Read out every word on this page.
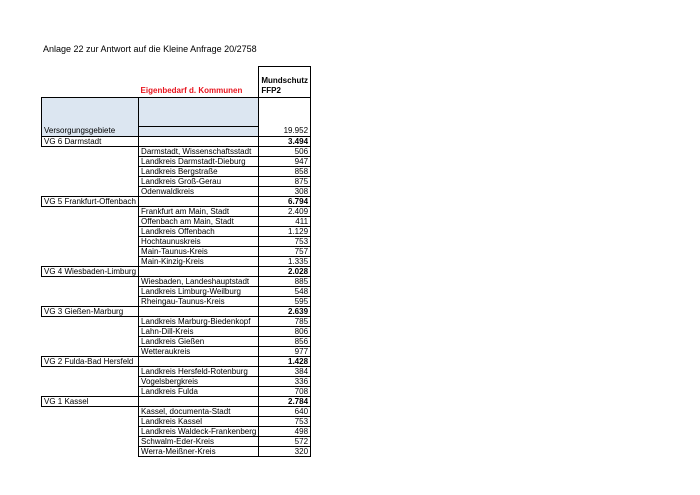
Anlage 22 zur Antwort auf die Kleine Anfrage 20/2758
	Eigenbedarf d. Kommunen	Mundschutz FFP2

Versorgungsgebiete		19.952
VG 6 Darmstadt		3.494
	Darmstadt, Wissenschaftsstadt	506
	Landkreis Darmstadt-Dieburg	947
	Landkreis Bergstraße	858
	Landkreis Groß-Gerau	875
	Odenwaldkreis	308
VG 5 Frankfurt-Offenbach		6.794
	Frankfurt am Main, Stadt	2.409
	Offenbach am Main, Stadt	411
	Landkreis Offenbach	1.129
	Hochtaunuskreis	753
	Main-Taunus-Kreis	757
	Main-Kinzig-Kreis	1.335
VG 4 Wiesbaden-Limburg		2.028
	Wiesbaden, Landeshauptstadt	885
	Landkreis Limburg-Weilburg	548
	Rheingau-Taunus-Kreis	595
VG 3 Gießen-Marburg		2.639
	Landkreis Marburg-Biedenkopf	785
	Lahn-Dill-Kreis	806
	Landkreis Gießen	856
	Wetteraukreis	977
VG 2 Fulda-Bad Hersfeld		1.428
	Landkreis Hersfeld-Rotenburg	384
	Vogelsbergkreis	336
	Landkreis Fulda	708
VG 1 Kassel		2.784
	Kassel, documenta-Stadt	640
	Landkreis Kassel	753
	Landkreis Waldeck-Frankenberg	498
	Schwalm-Eder-Kreis	572
	Werra-Meißner-Kreis	320
